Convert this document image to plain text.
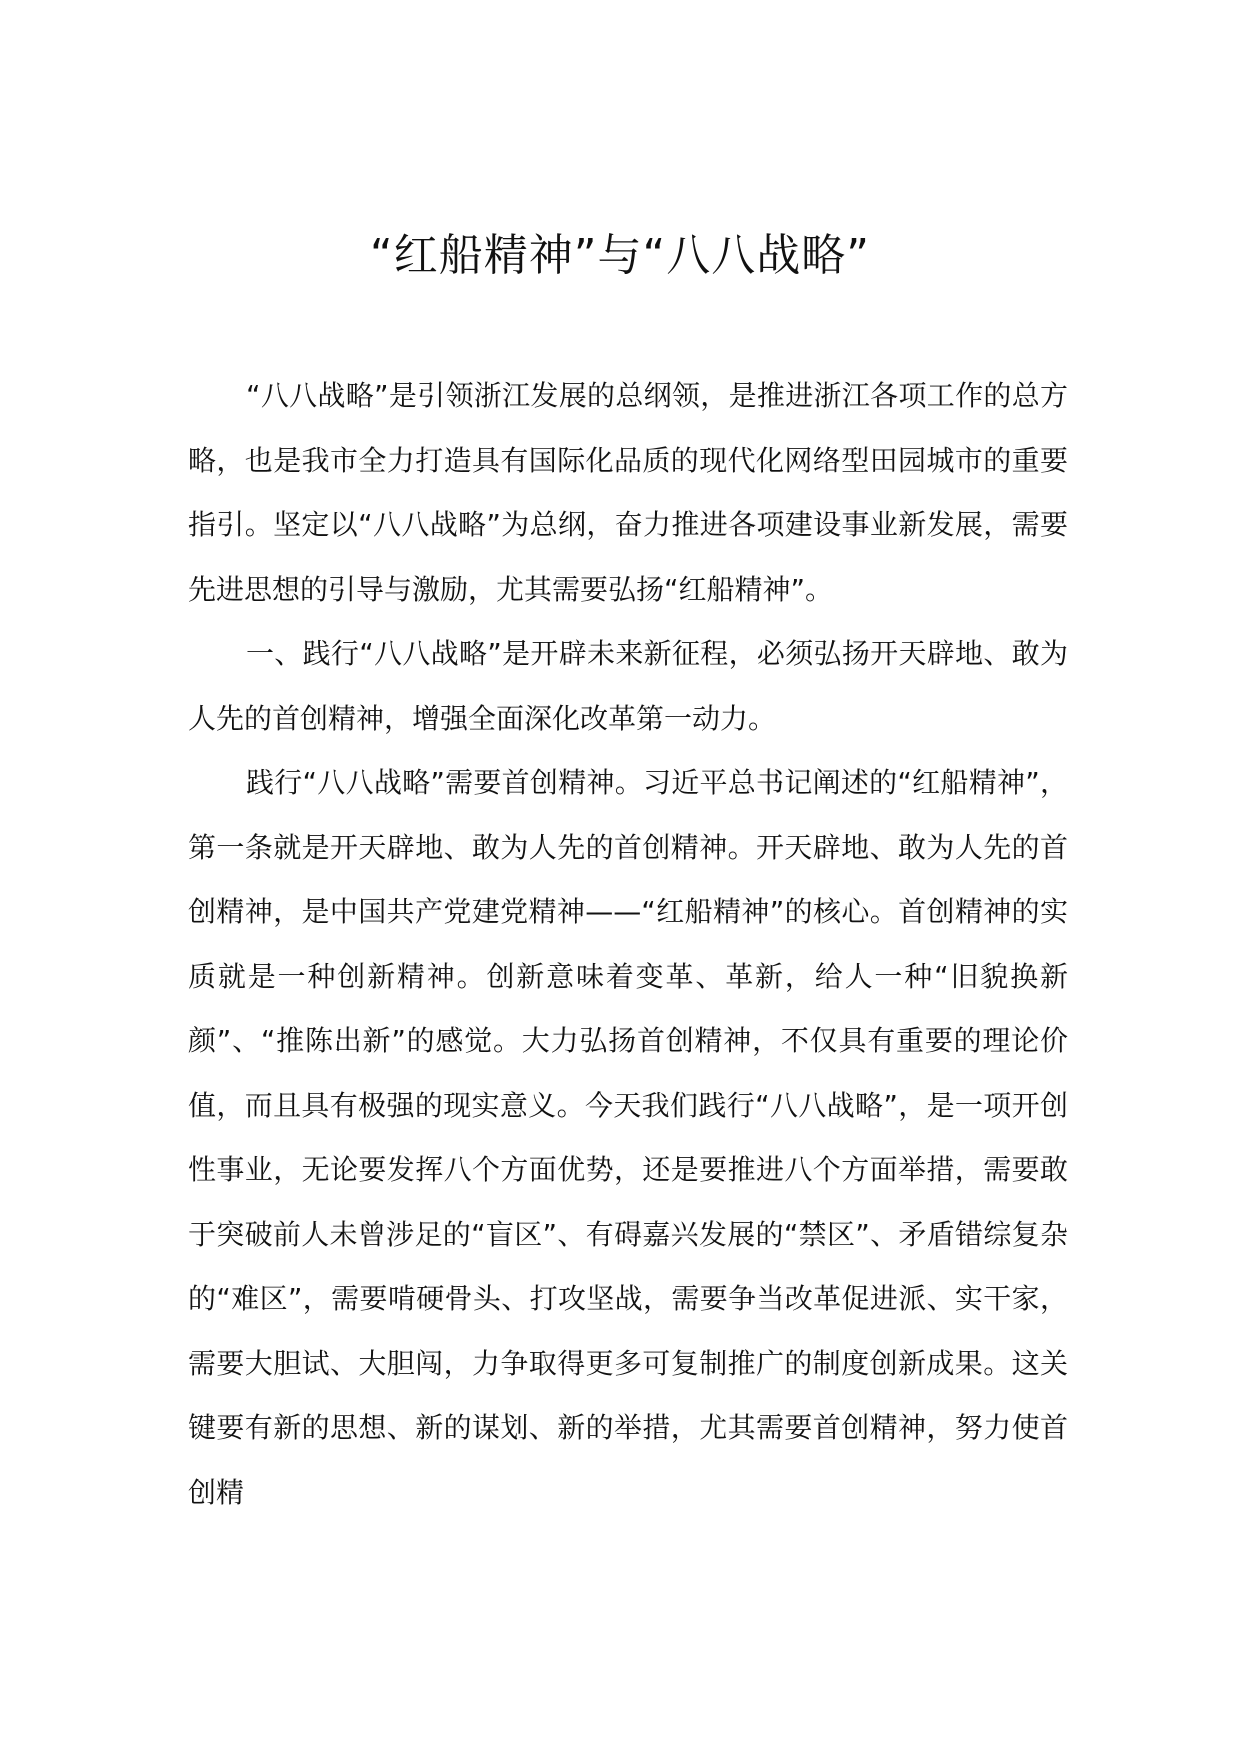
“红船精神”与“八八战略”

“八八战略”是引领浙江发展的总纲领，是推进浙江各项工作的总方略，也是我市全力打造具有国际化品质的现代化网络型田园城市的重要指引。坚定以“八八战略”为总纲，奋力推进各项建设事业新发展，需要先进思想的引导与激励，尤其需要弘扬“红船精神”。

一、践行“八八战略”是开辟未来新征程，必须弘扬开天辟地、敢为人先的首创精神，增强全面深化改革第一动力。

践行“八八战略”需要首创精神。习近平总书记阐述的“红船精神”，第一条就是开天辟地、敢为人先的首创精神。开天辟地、敢为人先的首创精神，是中国共产党建党精神——“红船精神”的核心。首创精神的实质就是一种创新精神。创新意味着变革、革新，给人一种“旧貌换新颜”、“推陈出新”的感觉。大力弘扬首创精神，不仅具有重要的理论价值，而且具有极强的现实意义。今天我们践行“八八战略”，是一项开创性事业，无论要发挥八个方面优势，还是要推进八个方面举措，需要敢于突破前人未曾涉足的“盲区”、有碍嘉兴发展的“禁区”、矛盾错综复杂的“难区”，需要啃硬骨头、打攻坚战，需要争当改革促进派、实干家，需要大胆试、大胆闯，力争取得更多可复制推广的制度创新成果。这关键要有新的思想、新的谋划、新的举措，尤其需要首创精神，努力使首创精
